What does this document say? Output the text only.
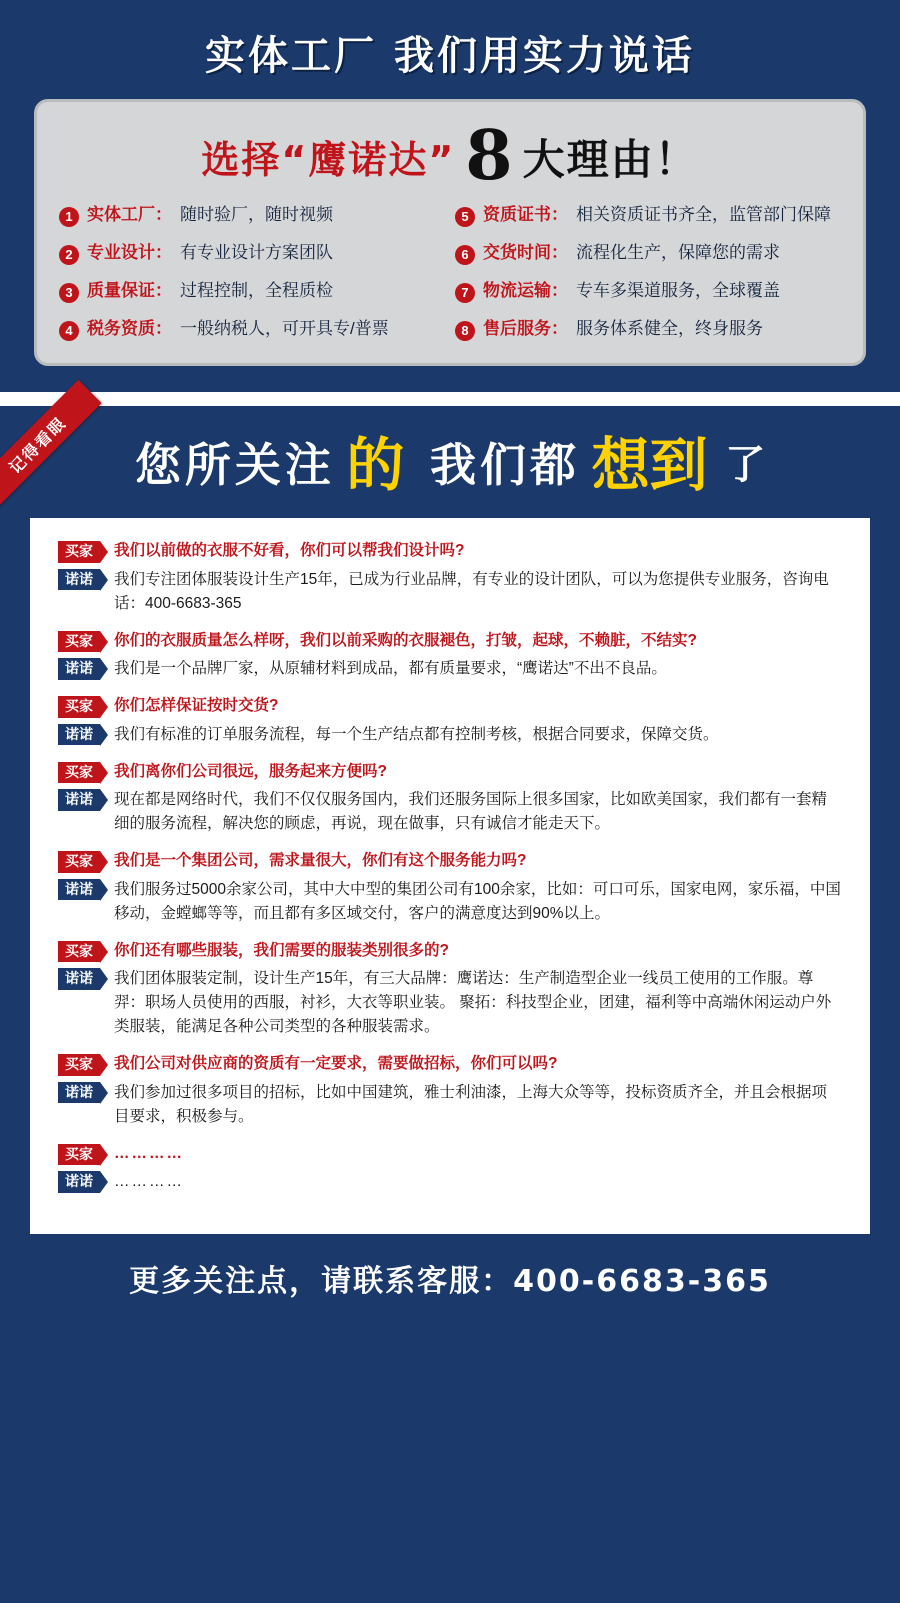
实体工厂 我们用实力说话
选择“鹰诺达” 8 大理由！
1 实体工厂： 随时验厂，随时视频	5 资质证书： 相关资质证书齐全，监管部门保障
2 专业设计： 有专业设计方案团队	6 交货时间： 流程化生产，保障您的需求
3 质量保证： 过程控制，全程质检	7 物流运输： 专车多渠道服务，全球覆盖
4 税务资质： 一般纳税人，可开具专/普票	8 售后服务： 服务体系健全，终身服务
记得看眼	您所关注 的 我们都 想到 了
买家	我们以前做的衣服不好看，你们可以帮我们设计吗?
诺诺	我们专注团体服装设计生产15年，已成为行业品牌，有专业的设计团队，可以为您提供专业服务，咨询电话：400-6683-365
买家	你们的衣服质量怎么样呀，我们以前采购的衣服褪色，打皱，起球，不赖脏，不结实?
诺诺	我们是一个品牌厂家，从原辅材料到成品，都有质量要求，“鹰诺达”不出不良品。
买家	你们怎样保证按时交货?
诺诺	我们有标准的订单服务流程，每一个生产结点都有控制考核，根据合同要求，保障交货。
买家	我们离你们公司很远，服务起来方便吗?
诺诺	现在都是网络时代，我们不仅仅服务国内，我们还服务国际上很多国家，比如欧美国家，我们都有一套精细的服务流程，解决您的顾虑，再说，现在做事，只有诚信才能走天下。
买家	我们是一个集团公司，需求量很大，你们有这个服务能力吗?
诺诺	我们服务过5000余家公司，其中大中型的集团公司有100余家，比如：可口可乐，国家电网，家乐福，中国移动，金螳螂等等，而且都有多区域交付，客户的满意度达到90%以上。
买家	你们还有哪些服装，我们需要的服装类别很多的?
诺诺	我们团体服装定制，设计生产15年，有三大品牌：鹰诺达：生产制造型企业一线员工使用的工作服。尊羿：职场人员使用的西服，衬衫，大衣等职业装。 聚拓：科技型企业，团建，福利等中高端休闲运动户外类服装，能满足各种公司类型的各种服装需求。
买家	我们公司对供应商的资质有一定要求，需要做招标，你们可以吗?
诺诺	我们参加过很多项目的招标，比如中国建筑，雅士利油漆，上海大众等等，投标资质齐全，并且会根据项目要求，积极参与。
买家	…………
诺诺	…………
更多关注点，请联系客服：400-6683-365
